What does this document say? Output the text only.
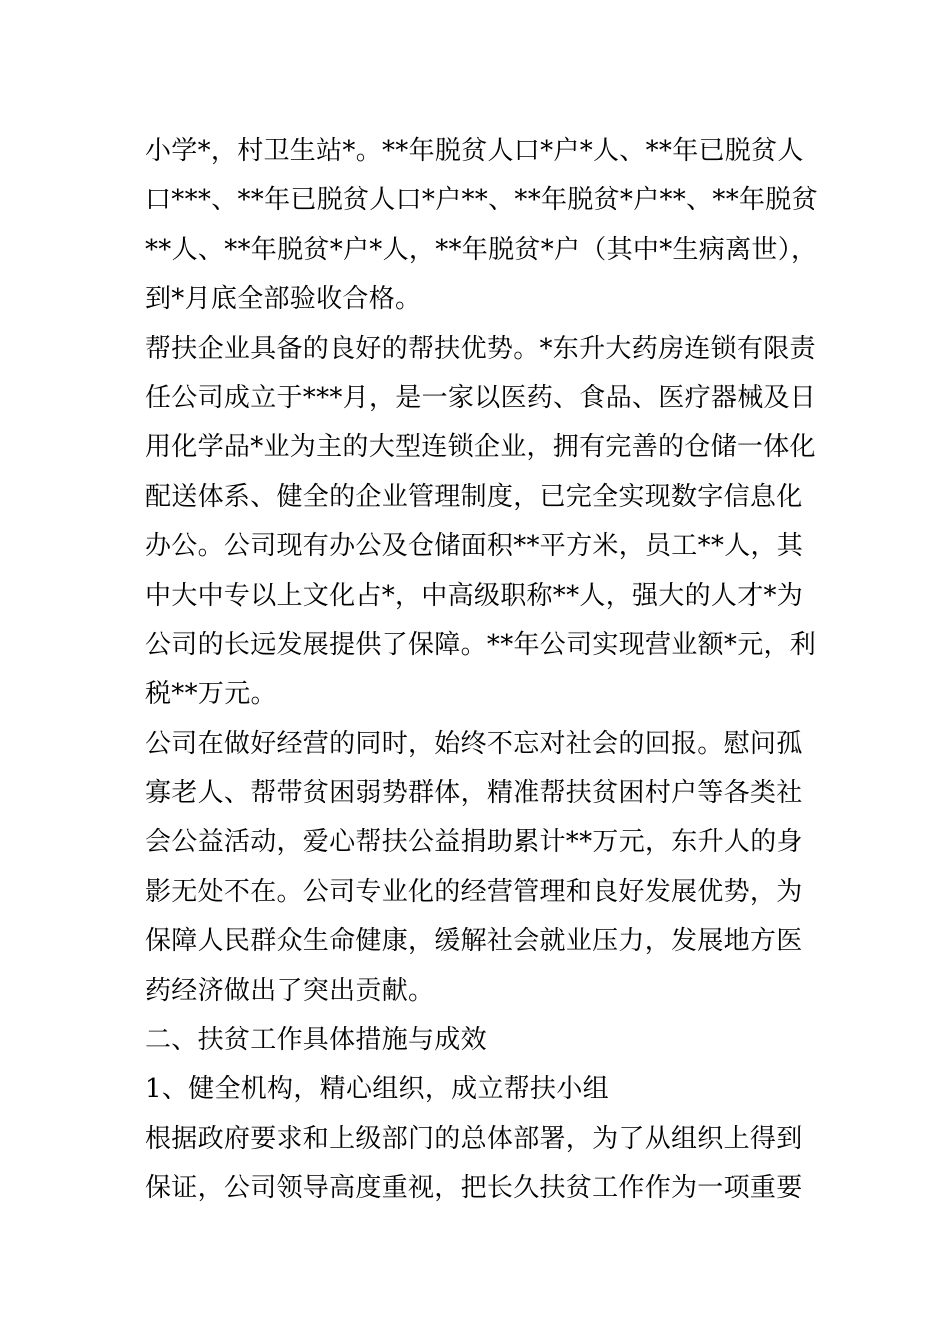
小学*，村卫生站*。**年脱贫人口*户*人、**年已脱贫人
口***、**年已脱贫人口*户**、**年脱贫*户**、**年脱贫
**人、**年脱贫*户*人，**年脱贫*户（其中*生病离世），
到*月底全部验收合格。
帮扶企业具备的良好的帮扶优势。*东升大药房连锁有限责
任公司成立于***月，是一家以医药、食品、医疗器械及日
用化学品*业为主的大型连锁企业，拥有完善的仓储一体化
配送体系、健全的企业管理制度，已完全实现数字信息化
办公。公司现有办公及仓储面积**平方米，员工**人，其
中大中专以上文化占*，中高级职称**人，强大的人才*为
公司的长远发展提供了保障。**年公司实现营业额*元，利
税**万元。
公司在做好经营的同时，始终不忘对社会的回报。慰问孤
寡老人、帮带贫困弱势群体，精准帮扶贫困村户等各类社
会公益活动，爱心帮扶公益捐助累计**万元，东升人的身
影无处不在。公司专业化的经营管理和良好发展优势，为
保障人民群众生命健康，缓解社会就业压力，发展地方医
药经济做出了突出贡献。
二、扶贫工作具体措施与成效
1、健全机构，精心组织，成立帮扶小组
根据政府要求和上级部门的总体部署，为了从组织上得到
保证，公司领导高度重视，把长久扶贫工作作为一项重要
